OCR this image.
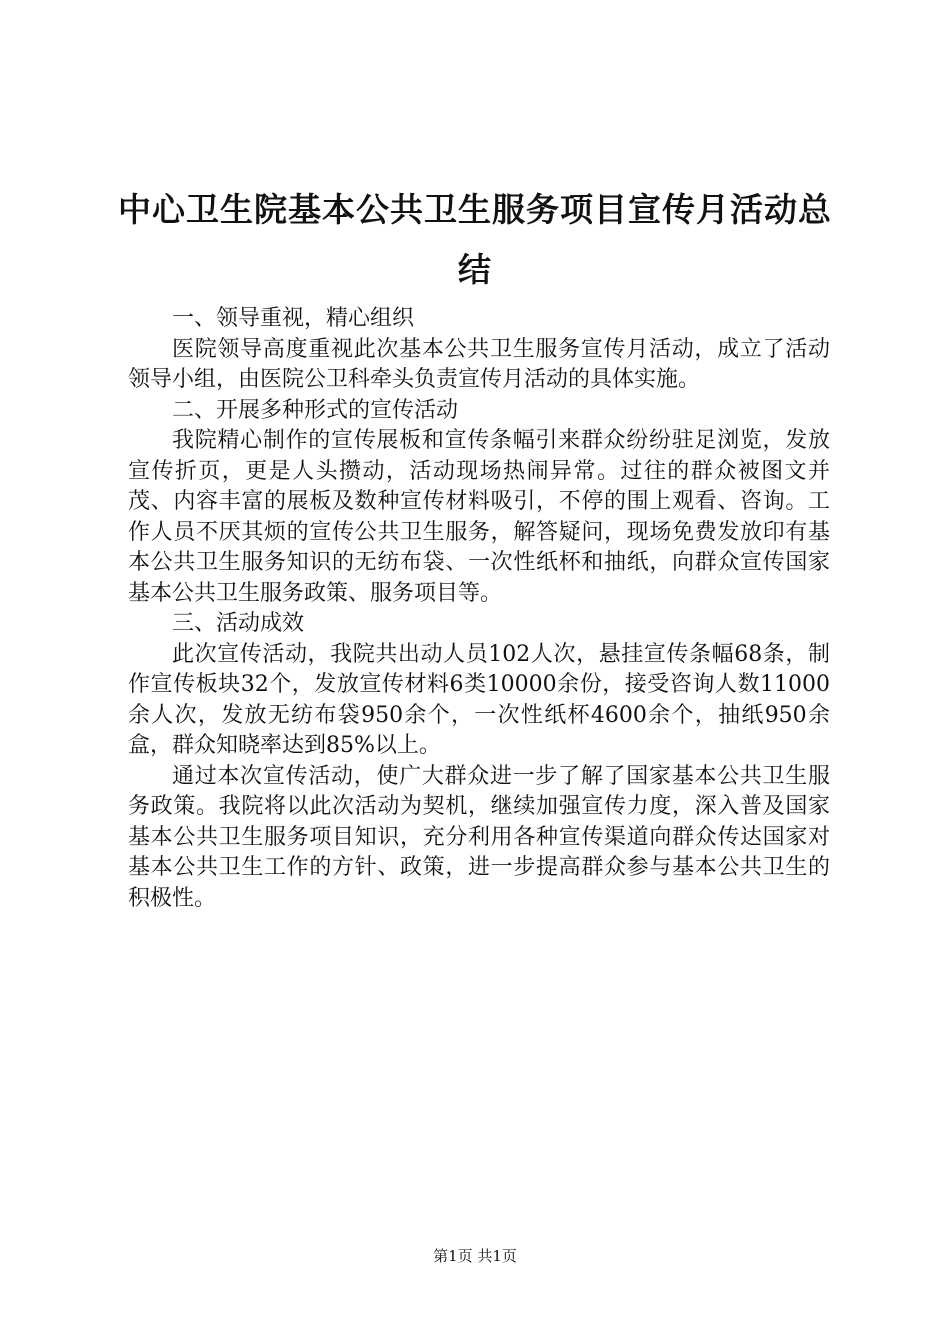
中心卫生院基本公共卫生服务项目宣传月活动总结

一、领导重视，精心组织

医院领导高度重视此次基本公共卫生服务宣传月活动，成立了活动领导小组，由医院公卫科牵头负责宣传月活动的具体实施。

二、开展多种形式的宣传活动

我院精心制作的宣传展板和宣传条幅引来群众纷纷驻足浏览，发放宣传折页，更是人头攒动，活动现场热闹异常。过往的群众被图文并茂、内容丰富的展板及数种宣传材料吸引，不停的围上观看、咨询。工作人员不厌其烦的宣传公共卫生服务，解答疑问，现场免费发放印有基本公共卫生服务知识的无纺布袋、一次性纸杯和抽纸，向群众宣传国家基本公共卫生服务政策、服务项目等。

三、活动成效

此次宣传活动，我院共出动人员102人次，悬挂宣传条幅68条，制作宣传板块32个，发放宣传材料6类10000余份，接受咨询人数11000余人次，发放无纺布袋950余个，一次性纸杯4600余个，抽纸950余盒，群众知晓率达到85%以上。

通过本次宣传活动，使广大群众进一步了解了国家基本公共卫生服务政策。我院将以此次活动为契机，继续加强宣传力度，深入普及国家基本公共卫生服务项目知识，充分利用各种宣传渠道向群众传达国家对基本公共卫生工作的方针、政策，进一步提高群众参与基本公共卫生的积极性。

第1页 共1页
